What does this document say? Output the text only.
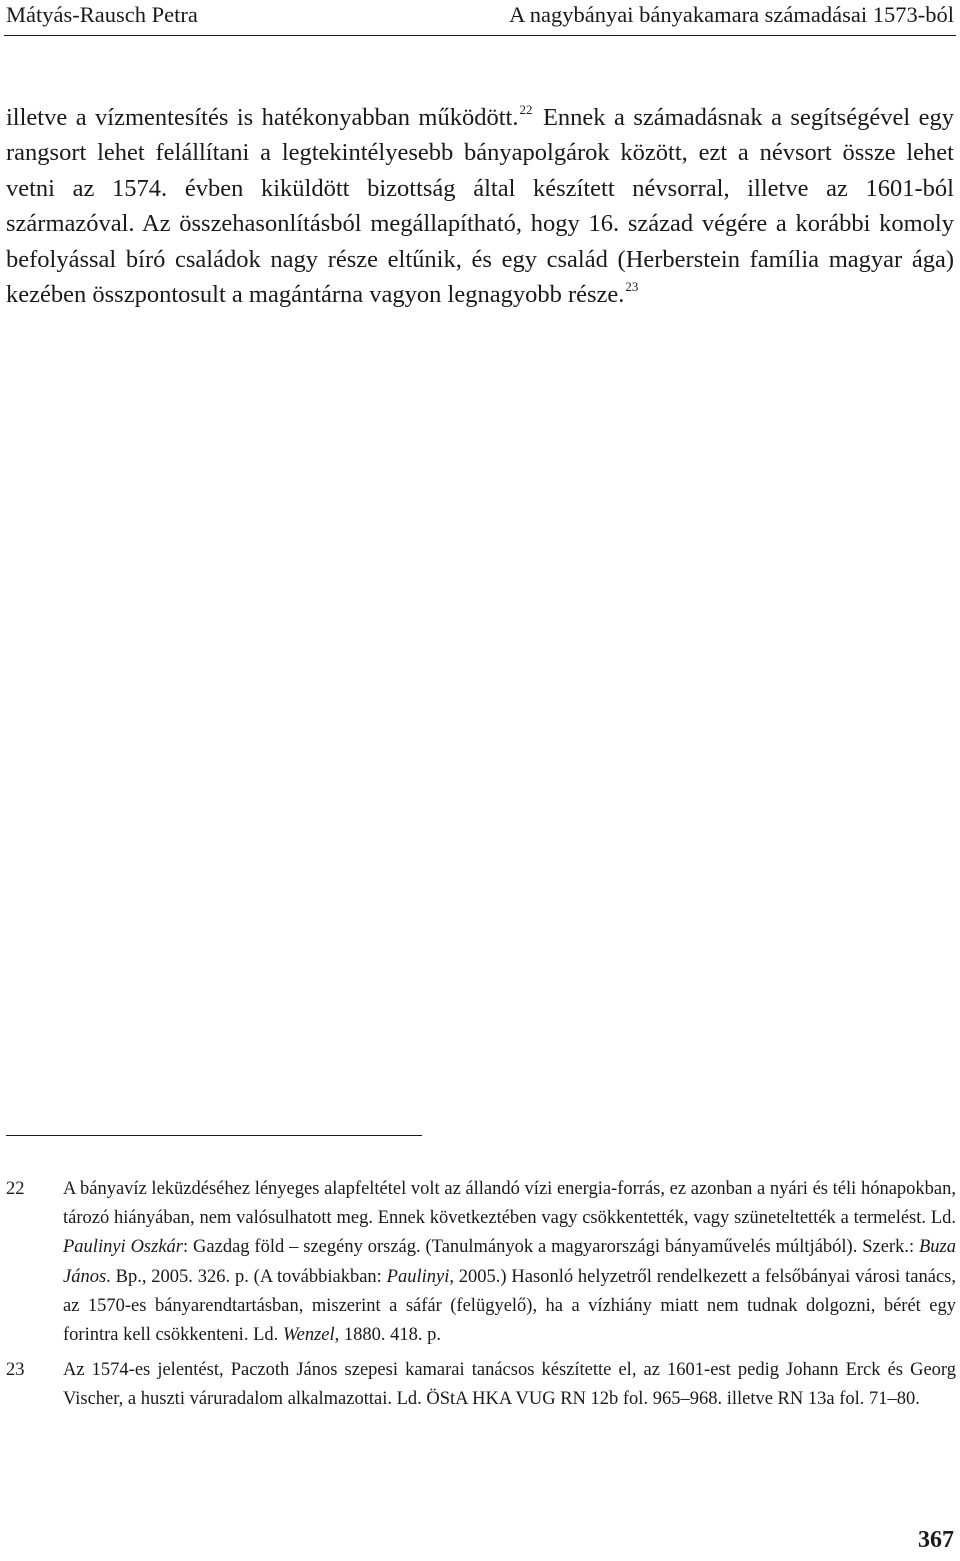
Mátyás-Rausch Petra	A nagybányai bányakamara számadásai 1573-ból

illetve a vízmentesítés is hatékonyabban működött.$^{22}$ Ennek a számadásnak a segítségével egy rangsort lehet felállítani a legtekintélyesebb bányapolgárok között, ezt a névsort össze lehet vetni az 1574. évben kiküldött bizottság által készített névsorral, illetve az 1601-ból származóval. Az összehasonlításból megállapítható, hogy 16. század végére a korábbi komoly befolyással bíró családok nagy része eltűnik, és egy család (Herberstein família magyar ága) kezében összpontosult a magántárna vagyon legnagyobb része.$^{23}$

22	A bányavíz leküzdéséhez lényeges alapfeltétel volt az állandó vízi energia-forrás, ez azonban a nyári és téli hónapokban, tározó hiányában, nem valósulhatott meg. Ennek következtében vagy csökkentették, vagy szüneteltették a termelést. Ld. Paulinyi Oszkár: Gazdag föld – szegény ország. (Tanulmányok a magyarországi bányaművelés múltjából). Szerk.: Buza János. Bp., 2005. 326. p. (A továbbiakban: Paulinyi, 2005.) Hasonló helyzetről rendelkezett a felsőbányai városi tanács, az 1570-es bányarendtartásban, miszerint a sáfár (felügyelő), ha a vízhiány miatt nem tudnak dolgozni, bérét egy forintra kell csökkenteni. Ld. Wenzel, 1880. 418. p.
23	Az 1574-es jelentést, Paczoth János szepesi kamarai tanácsos készítette el, az 1601-est pedig Johann Erck és Georg Vischer, a huszti váruradalom alkalmazottai. Ld. ÖStA HKA VUG RN 12b fol. 965–968. illetve RN 13a fol. 71–80.
367
